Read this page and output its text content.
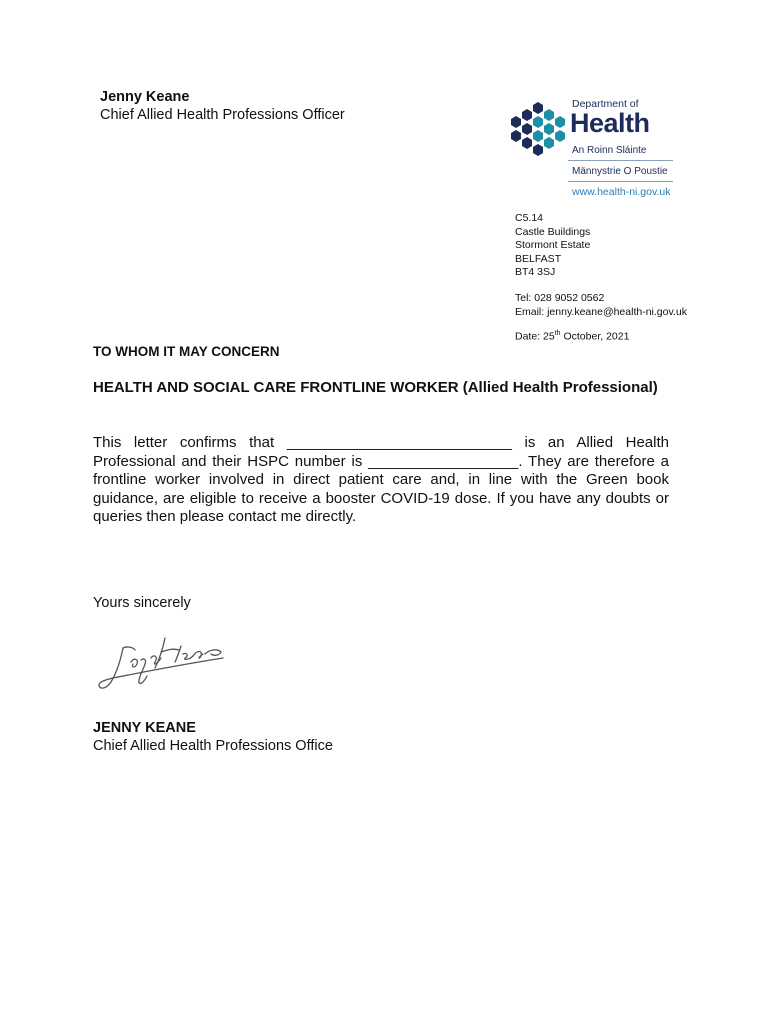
Jenny Keane
Chief Allied Health Professions Officer
Department of
Health
An Roinn Sláinte
Männystrie O Poustie
www.health-ni.gov.uk
C5.14
Castle Buildings
Stormont Estate
BELFAST
BT4 3SJ
Tel: 028 9052 0562
Email: jenny.keane@health-ni.gov.uk
Date: 25th October, 2021
TO WHOM IT MAY CONCERN
HEALTH AND SOCIAL CARE FRONTLINE WORKER (Allied Health Professional)
This letter confirms that ___________________________ is an Allied Health Professional and their HSPC number is __________________. They are therefore a frontline worker involved in direct patient care and, in line with the Green book guidance, are eligible to receive a booster COVID-19 dose. If you have any doubts or queries then please contact me directly.
Yours sincerely
JENNY KEANE
Chief Allied Health Professions Office
